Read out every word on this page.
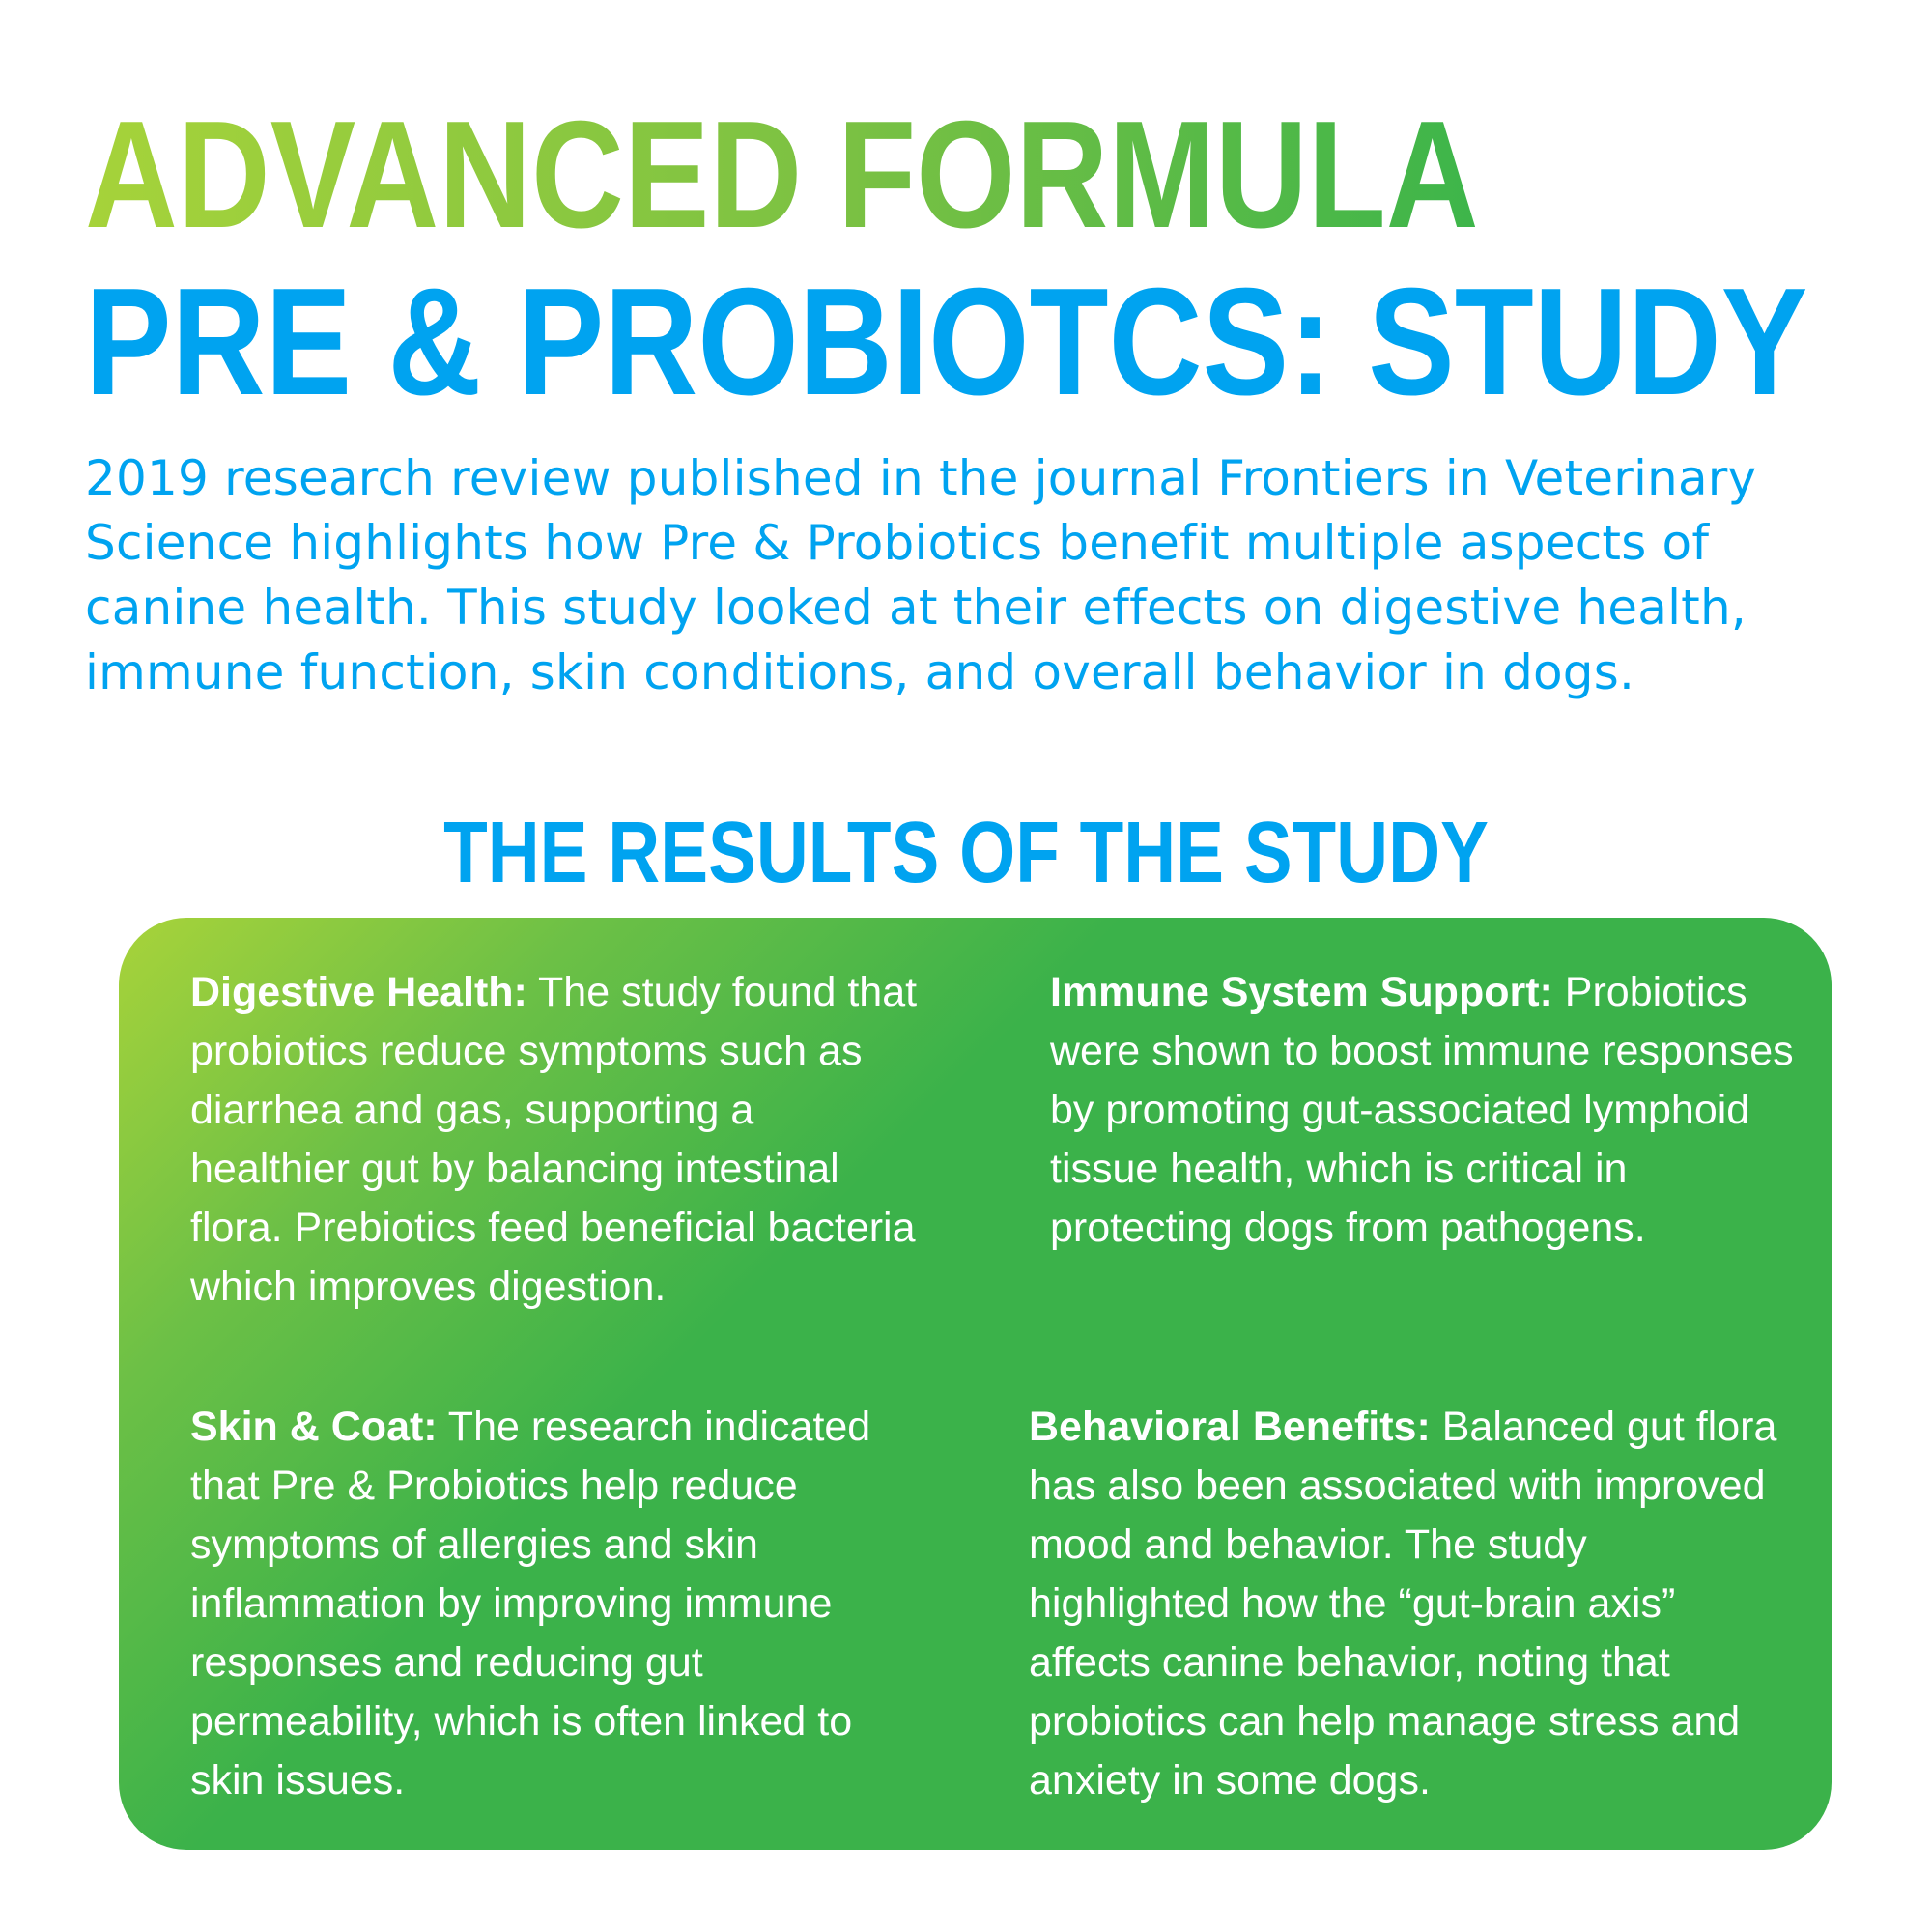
ADVANCED FORMULA
PRE & PROBIOTCS: STUDY

2019 research review published in the journal Frontiers in Veterinary Science highlights how Pre & Probiotics benefit multiple aspects of canine health. This study looked at their effects on digestive health, immune function, skin conditions, and overall behavior in dogs.

THE RESULTS OF THE STUDY

Digestive Health: The study found that probiotics reduce symptoms such as diarrhea and gas, supporting a healthier gut by balancing intestinal flora. Prebiotics feed beneficial bacteria which improves digestion.

Immune System Support: Probiotics were shown to boost immune responses by promoting gut-associated lymphoid tissue health, which is critical in protecting dogs from pathogens.

Skin & Coat: The research indicated that Pre & Probiotics help reduce symptoms of allergies and skin inflammation by improving immune responses and reducing gut permeability, which is often linked to skin issues.

Behavioral Benefits: Balanced gut flora has also been associated with improved mood and behavior. The study highlighted how the “gut-brain axis” affects canine behavior, noting that probiotics can help manage stress and anxiety in some dogs.
